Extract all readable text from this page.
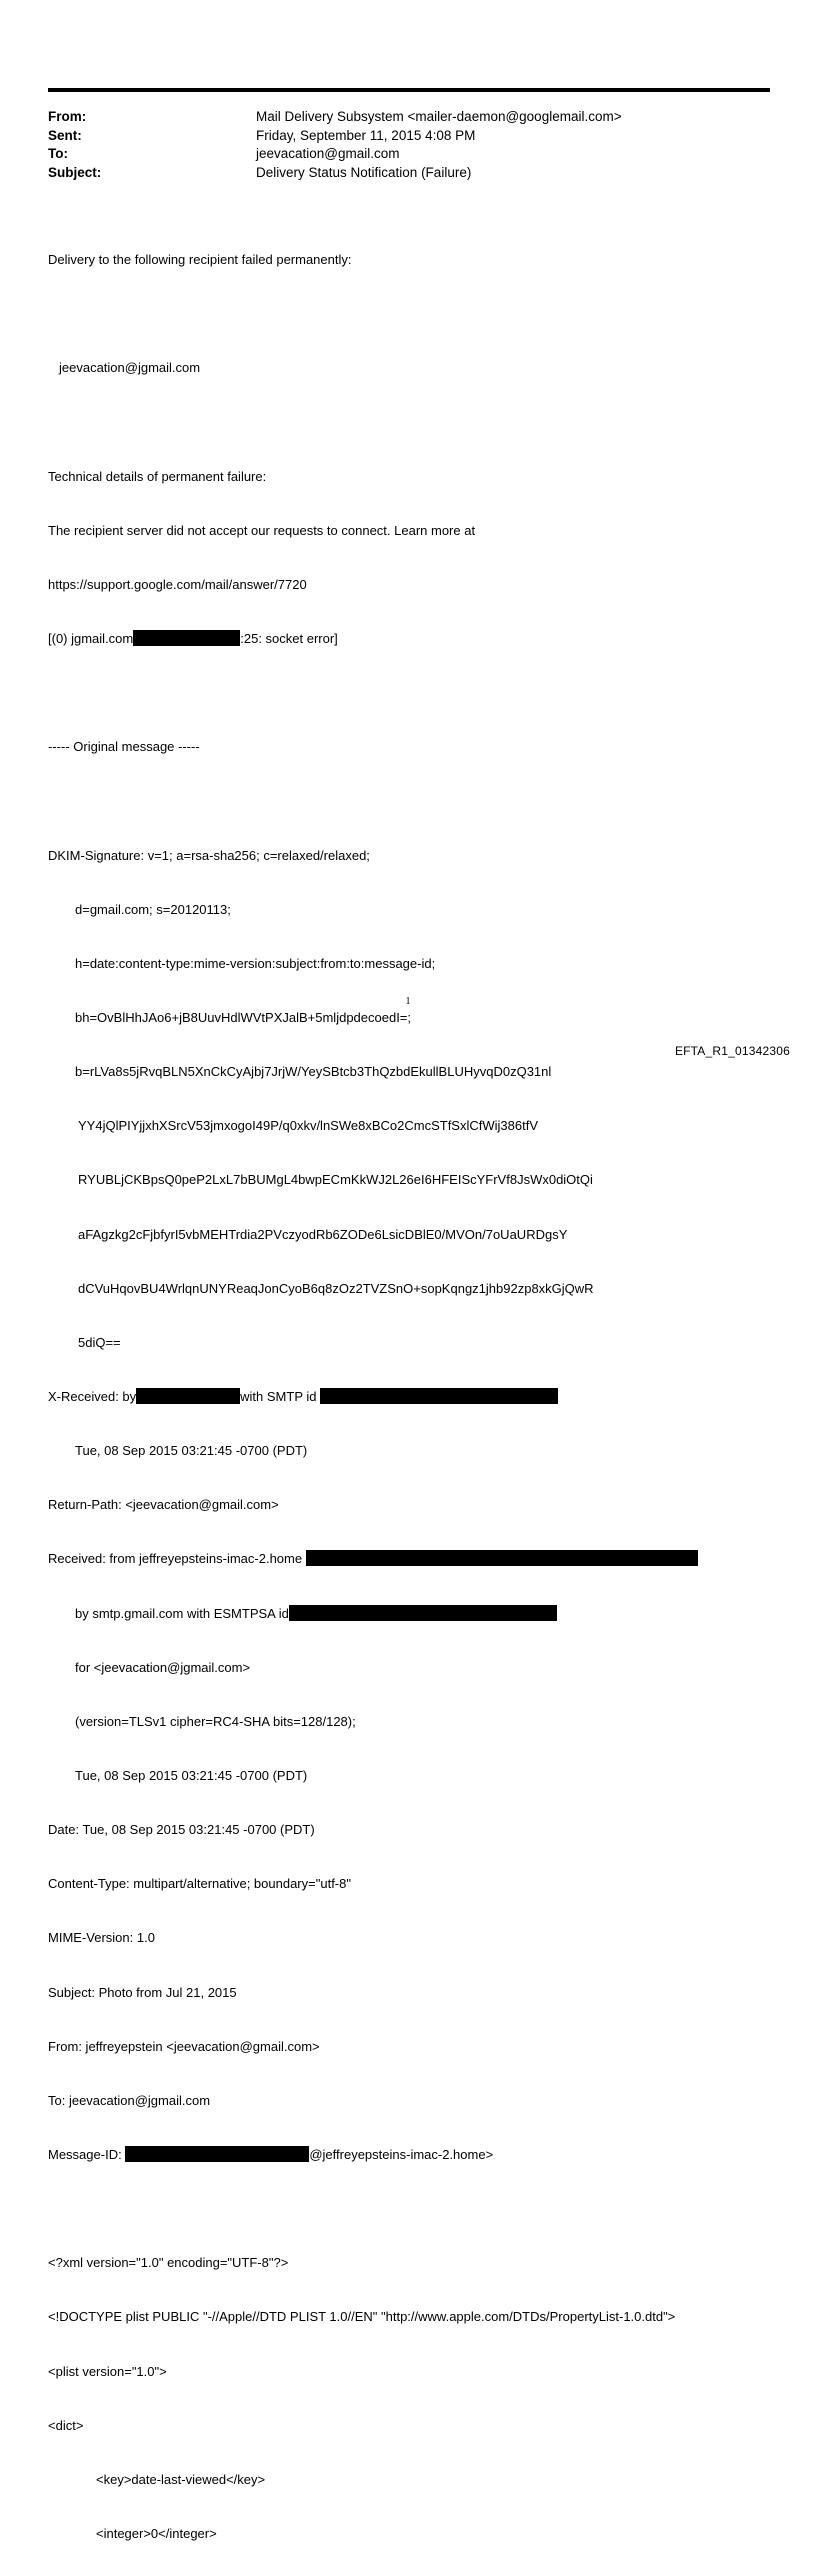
From:	Mail Delivery Subsystem <mailer-daemon@googlemail.com>
Sent:	Friday, September 11, 2015 4:08 PM
To:	jeevacation@gmail.com
Subject:	Delivery Status Notification (Failure)

Delivery to the following recipient failed permanently:

jeevacation@jgmail.com

Technical details of permanent failure:

The recipient server did not accept our requests to connect. Learn more at

https://support.google.com/mail/answer/7720

[(0) jgmail.com	:25: socket error]

----- Original message -----

DKIM-Signature: v=1; a=rsa-sha256; c=relaxed/relaxed;

d=gmail.com; s=20120113;

h=date:content-type:mime-version:subject:from:to:message-id;

bh=OvBlHhJAo6+jB8UuvHdlWVtPXJalB+5mljdpdecoedI=;

b=rLVa8s5jRvqBLN5XnCkCyAjbj7JrjW/YeySBtcb3ThQzbdEkullBLUHyvqD0zQ31nl

YY4jQlPIYjjxhXSrcV53jmxogoI49P/q0xkv/lnSWe8xBCo2CmcSTfSxlCfWij386tfV

RYUBLjCKBpsQ0peP2LxL7bBUMgL4bwpECmKkWJ2L26eI6HFEIScYFrVf8JsWx0diOtQi

aFAgzkg2cFjbfyrI5vbMEHTrdia2PVczyodRb6ZODe6LsicDBlE0/MVOn/7oUaURDgsY

dCVuHqovBU4WrlqnUNYReaqJonCyoB6q8zOz2TVZSnO+sopKqngz1jhb92zp8xkGjQwR

5diQ==

X-Received: by	with SMTP id

Tue, 08 Sep 2015 03:21:45 -0700 (PDT)

Return-Path: <jeevacation@gmail.com>

Received: from jeffreyepsteins-imac-2.home

by smtp.gmail.com with ESMTPSA id

for <jeevacation@jgmail.com>

(version=TLSv1 cipher=RC4-SHA bits=128/128);

Tue, 08 Sep 2015 03:21:45 -0700 (PDT)

Date: Tue, 08 Sep 2015 03:21:45 -0700 (PDT)

Content-Type: multipart/alternative; boundary="utf-8"

MIME-Version: 1.0

Subject: Photo from Jul 21, 2015

From: jeffreyepstein <jeevacation@gmail.com>

To: jeevacation@jgmail.com

Message-ID:	@jeffreyepsteins-imac-2.home>

<?xml version="1.0" encoding="UTF-8"?>

<!DOCTYPE plist PUBLIC "-//Apple//DTD PLIST 1.0//EN" "http://www.apple.com/DTDs/PropertyList-1.0.dtd">

<plist version="1.0">

<dict>

<key>date-last-viewed</key>

<integer>0</integer>

1
EFTA_R1_01342306
